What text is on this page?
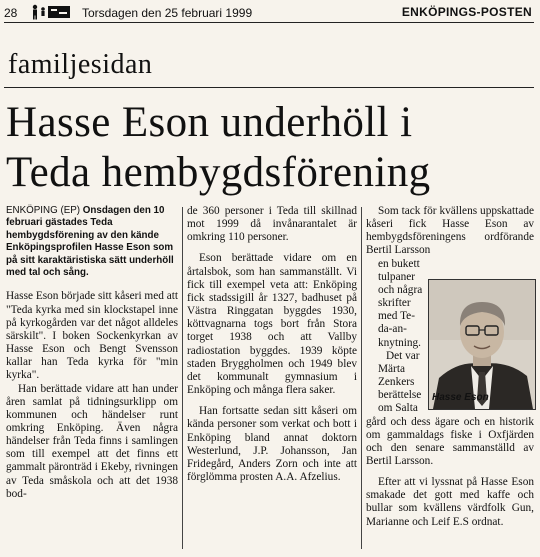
28	Torsdagen den 25 februari 1999	ENKÖPINGS-POSTEN
familjesidan
Hasse Eson underhöll i
Teda hembygdsförening

ENKÖPING (EP) Onsdagen den 10 februari gästades Teda hembygdsförening av den kände Enköpingsprofilen Hasse Eson som på sitt karaktäristiska sätt underhöll med tal och sång.

Hasse Eson började sitt kåseri med att "Teda kyrka med sin klockstapel inne på kyrkogården var det något alldeles särskilt". I boken Sockenkyrkan av Hasse Eson och Bengt Svensson kallar han Teda kyrka för "min kyrka".

Han berättade vidare att han under åren samlat på tidningsurklipp om kommunen och händelser runt omkring Enköping. Även några händelser från Teda finns i samlingen som till exempel att det finns ett gammalt päronträd i Ekeby, rivningen av Teda småskola och att det 1938 bod-

de 360 personer i Teda till skillnad mot 1999 då invånarantalet är omkring 110 personer.

Eson berättade vidare om en årtalsbok, som han sammanställt. Vi fick till exempel veta att: Enköping fick stadssigill år 1327, badhuset på Västra Ringgatan byggdes 1930, köttvagnarna togs bort från Stora torget 1938 och att Vallby radiostation byggdes. 1939 köpte staden Bryggholmen och 1949 blev det kommunalt gymnasium i Enköping och många flera saker.

Han fortsatte sedan sitt kåseri om kända personer som verkat och bott i Enköping bland annat doktorn Westerlund, J.P. Johansson, Jan Fridegård, Anders Zorn och inte att förglömma prosten A.A. Afzelius.

Som tack för kvällens uppskattade kåseri fick Hasse Eson av hembygdsföreningens ordförande Bertil Larsson

en bukett
tulpaner
och några
skrifter
med Te-
da-an-
knytning.
Det var
Märta
Zenkers
berättelse
om Salta

gård och dess ägare och en historik om gammaldags fiske i Oxfjärden och den senare sammanställd av Bertil Larsson.

Efter att vi lyssnat på Hasse Eson smakade det gott med kaffe och bullar som kvällens värdfolk Gun, Marianne och Leif E.S ordnat.

Hasse Eson
